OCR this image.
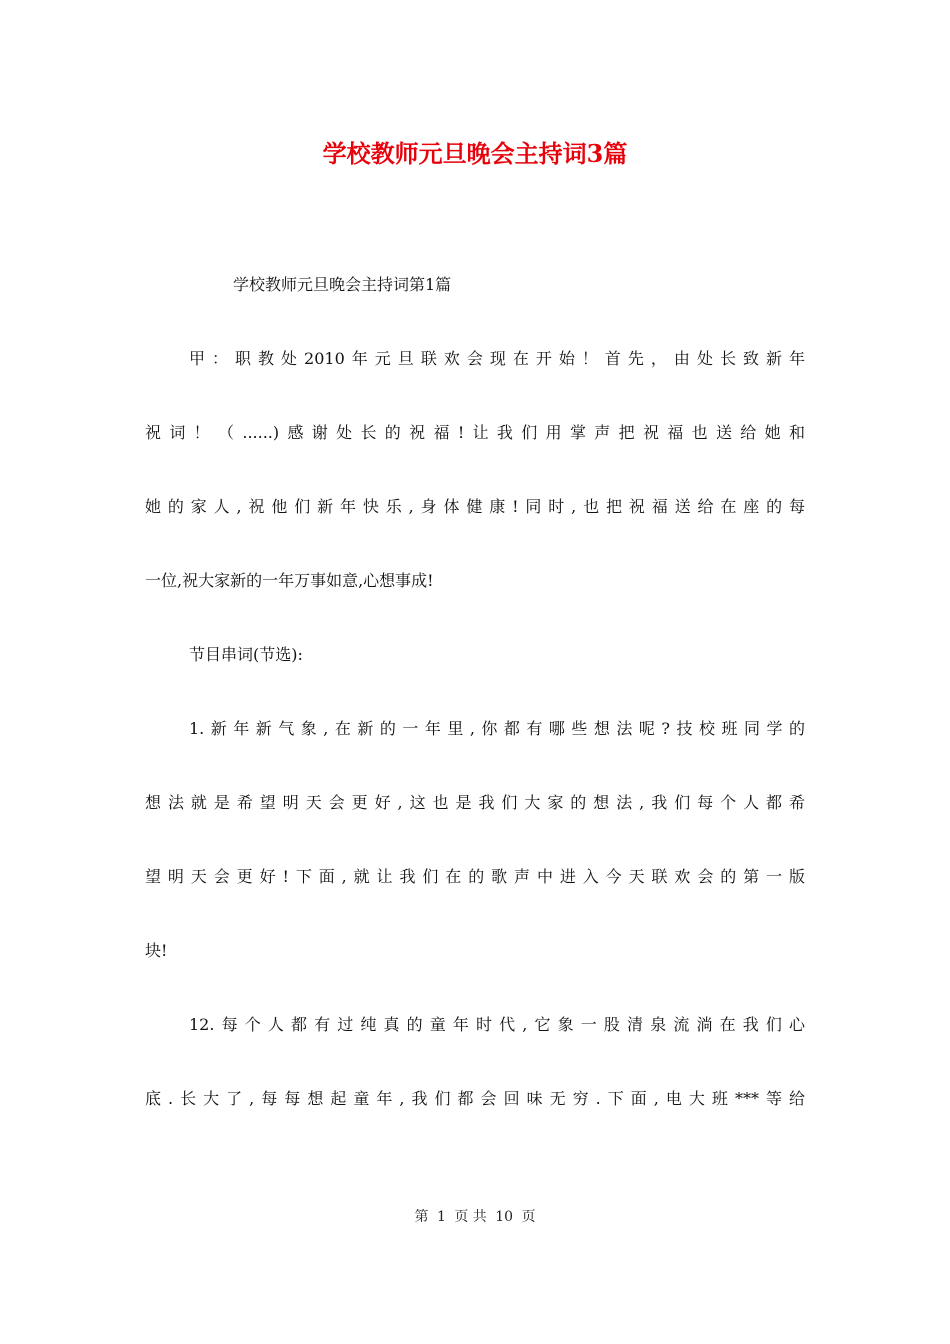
学校教师元旦晚会主持词3篇
学校教师元旦晚会主持词第1篇
甲：职教处2010年元旦联欢会现在开始！首先，由处长致新年
祝词！（......)感谢处长的祝福!让我们用掌声把祝福也送给她和
她的家人,祝他们新年快乐,身体健康!同时,也把祝福送给在座的每
一位,祝大家新的一年万事如意,心想事成!
节目串词(节选):
1.新年新气象,在新的一年里,你都有哪些想法呢?技校班同学的
想法就是希望明天会更好,这也是我们大家的想法,我们每个人都希
望明天会更好!下面,就让我们在的歌声中进入今天联欢会的第一版
块!
12.每个人都有过纯真的童年时代,它象一股清泉流淌在我们心
底.长大了,每每想起童年,我们都会回味无穷.下面,电大班***等给
第 1 页 共 10 页
